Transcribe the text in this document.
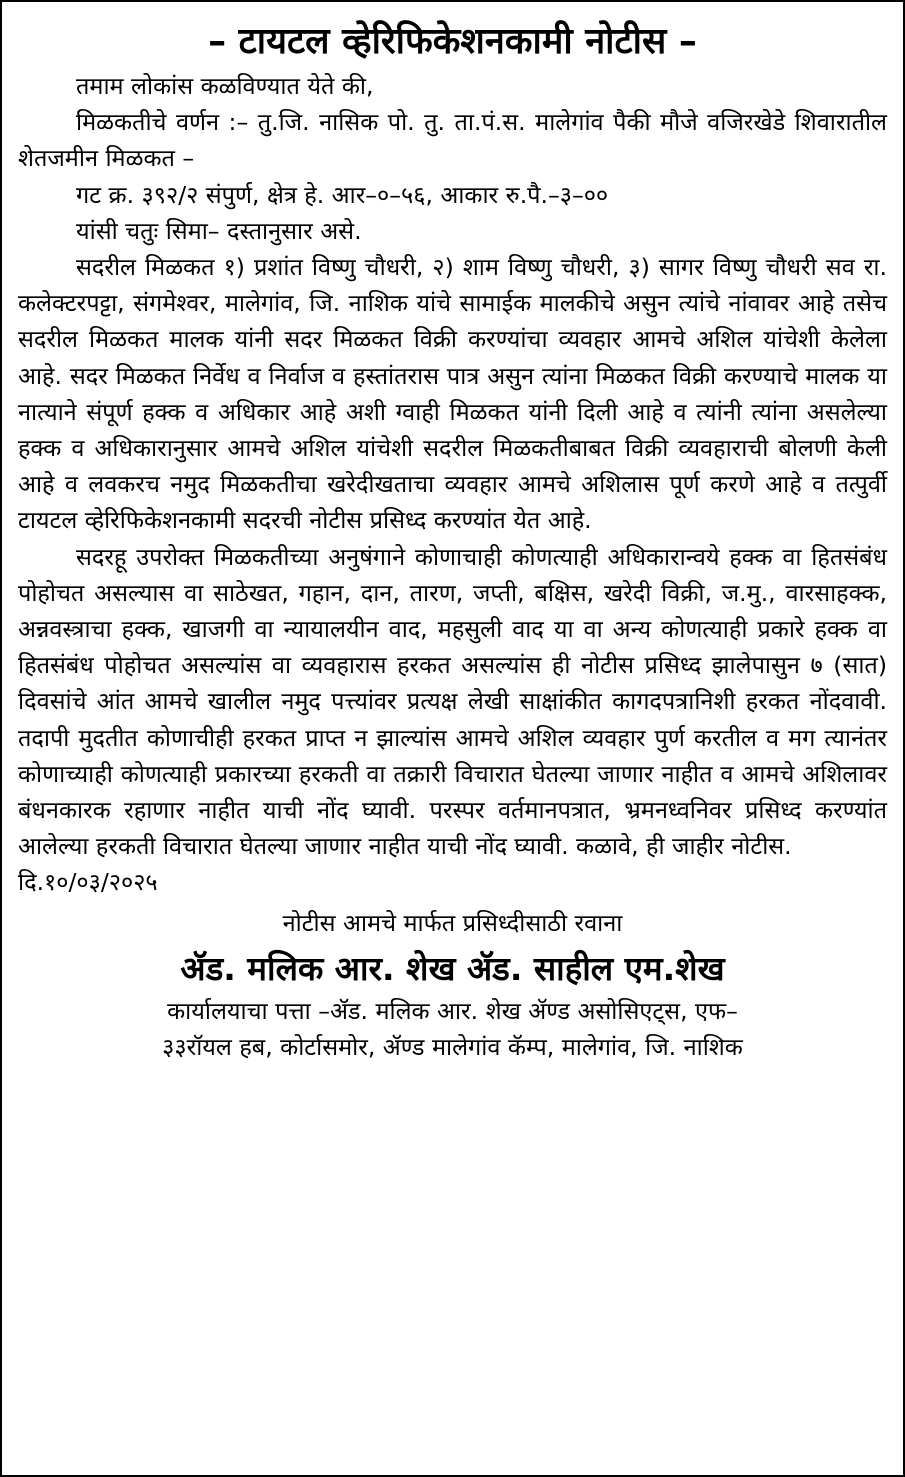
– टायटल व्हेरिफिकेशनकामी नोटीस –

तमाम लोकांस कळविण्यात येते की,

मिळकतीचे वर्णन :– तु.जि. नासिक पो. तु. ता.पं.स. मालेगांव पैकी मौजे वजिरखेडे शिवारातील शेतजमीन मिळकत –

गट क्र. ३९२/२ संपुर्ण, क्षेत्र हे. आर–०–५६, आकार रु.पै.–३–००

यांसी चतुः सिमा– दस्तानुसार असे.

सदरील मिळकत १) प्रशांत विष्णु चौधरी, २) शाम विष्णु चौधरी, ३) सागर विष्णु चौधरी सव रा. कलेक्टरपट्टा, संगमेश्वर, मालेगांव, जि. नाशिक यांचे सामाईक मालकीचे असुन त्यांचे नांवावर आहे तसेच सदरील मिळकत मालक यांनी सदर मिळकत विक्री करण्यांचा व्यवहार आमचे अशिल यांचेशी केलेला आहे. सदर मिळकत निर्वेध व निर्वाज व हस्तांतरास पात्र असुन त्यांना मिळकत विक्री करण्याचे मालक या नात्याने संपूर्ण हक्क व अधिकार आहे अशी ग्वाही मिळकत यांनी दिली आहे व त्यांनी त्यांना असलेल्या हक्क व अधिकारानुसार आमचे अशिल यांचेशी सदरील मिळकतीबाबत विक्री व्यवहाराची बोलणी केली आहे व लवकरच नमुद मिळकतीचा खरेदीखताचा व्यवहार आमचे अशिलास पूर्ण करणे आहे व तत्पुर्वी टायटल व्हेरिफिकेशनकामी सदरची नोटीस प्रसिध्द करण्यांत येत आहे.

सदरहू उपरोक्त मिळकतीच्या अनुषंगाने कोणाचाही कोणत्याही अधिकारान्वये हक्क वा हितसंबंध पोहोचत असल्यास वा साठेखत, गहान, दान, तारण, जप्ती, बक्षिस, खरेदी विक्री, ज.मु., वारसाहक्क, अन्नवस्त्राचा हक्क, खाजगी वा न्यायालयीन वाद, महसुली वाद या वा अन्य कोणत्याही प्रकारे हक्क वा हितसंबंध पोहोचत असल्यांस वा व्यवहारास हरकत असल्यांस ही नोटीस प्रसिध्द झालेपासुन ७ (सात) दिवसांचे आंत आमचे खालील नमुद पत्त्यांवर प्रत्यक्ष लेखी साक्षांकीत कागदपत्रानिशी हरकत नोंदवावी. तदापी मुदतीत कोणाचीही हरकत प्राप्त न झाल्यांस आमचे अशिल व्यवहार पुर्ण करतील व मग त्यानंतर कोणाच्याही कोणत्याही प्रकारच्या हरकती वा तक्रारी विचारात घेतल्या जाणार नाहीत व आमचे अशिलावर बंधनकारक रहाणार नाहीत याची नोंद घ्यावी. परस्पर वर्तमानपत्रात, भ्रमनध्वनिवर प्रसिध्द करण्यांत आलेल्या हरकती विचारात घेतल्या जाणार नाहीत याची नोंद घ्यावी. कळावे, ही जाहीर नोटीस.

दि.१०/०३/२०२५

नोटीस आमचे मार्फत प्रसिध्दीसाठी रवाना
ॲड. मलिक आर. शेख ॲड. साहील एम.शेख
कार्यालयाचा पत्ता –ॲड. मलिक आर. शेख ॲण्ड असोसिएट्स, एफ–
३३रॉयल हब, कोर्टासमोर, ॲण्ड मालेगांव कॅम्प, मालेगांव, जि. नाशिक
